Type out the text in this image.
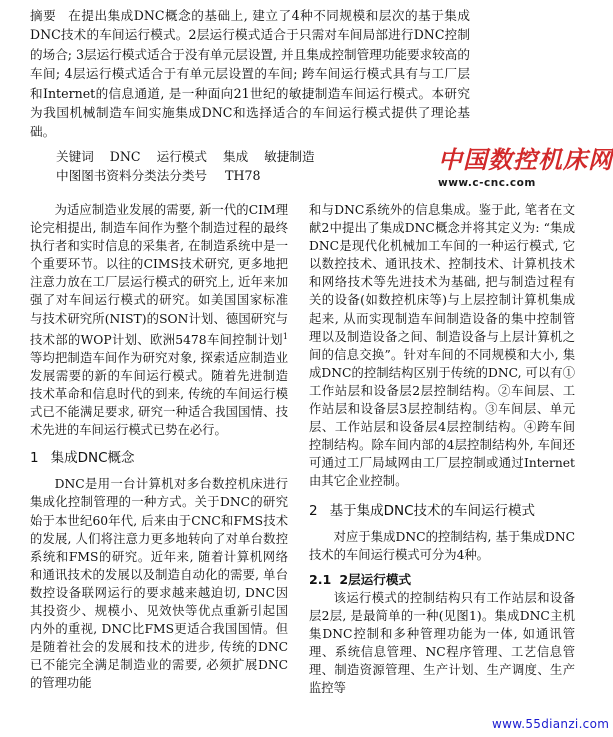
摘要 在提出集成DNC概念的基础上, 建立了4种不同规模和层次的基于集成DNC技术的车间运行模式。2层运行模式适合于只需对车间局部进行DNC控制的场合; 3层运行模式适合于没有单元层设置, 并且集成控制管理功能要求较高的车间; 4层运行模式适合于有单元层设置的车间; 跨车间运行模式具有与工厂层和Internet的信息通道, 是一种面向21世纪的敏捷制造车间运行模式。本研究为我国机械制造车间实施集成DNC和选择适合的车间运行模式提供了理论基础。
关键词 DNC 运行模式 集成 敏捷制造
中图图书资料分类法分类号 TH78
中国数控机床网
www.c-cnc.com

为适应制造业发展的需要, 新一代的CIM理论完相提出, 制造车间作为整个制造过程的最终执行者和实时信息的采集者, 在制造系统中是一个重要环节。以往的CIMS技术研究, 更多地把注意力放在工厂层运行模式的研究上, 近年来加强了对车间运行模式的研究。如美国国家标准与技术研究所(NIST)的SON计划、德国研究与技术部的WOP计划、欧洲5478车间控制计划$^1$等均把制造车间作为研究对象, 探索适应制造业发展需要的新的车间运行模式。随着先进制造技术革命和信息时代的到来, 传统的车间运行模式已不能满足要求, 研究一种适合我国国情、技术先进的车间运行模式已势在必行。

1 集成DNC概念

DNC是用一台计算机对多台数控机床进行集成化控制管理的一种方式。关于DNC的研究始于本世纪60年代, 后来由于CNC和FMS技术的发展, 人们将注意力更多地转向了对单台数控系统和FMS的研究。近年来, 随着计算机网络和通讯技术的发展以及制造自动化的需要, 单台数控设备联网运行的要求越来越迫切, DNC因其投资少、规模小、见效快等优点重新引起国内外的重视, DNC比FMS更适合我国国情。但是随着社会的发展和技术的进步, 传统的DNC已不能完全满足制造业的需要, 必须扩展DNC的管理功能

和与DNC系统外的信息集成。鉴于此, 笔者在文献2中提出了集成DNC概念并将其定义为: “集成DNC是现代化机械加工车间的一种运行模式, 它以数控技术、通讯技术、控制技术、计算机技术和网络技术等先进技术为基础, 把与制造过程有关的设备(如数控机床等)与上层控制计算机集成起来, 从而实现制造车间制造设备的集中控制管理以及制造设备之间、制造设备与上层计算机之间的信息交换”。针对车间的不同规模和大小, 集成DNC的控制结构区别于传统的DNC, 可以有①工作站层和设备层2层控制结构。②车间层、工作站层和设备层3层控制结构。③车间层、单元层、工作站层和设备层4层控制结构。④跨车间控制结构。除车间内部的4层控制结构外, 车间还可通过工厂局域网由工厂层控制或通过Internet由其它企业控制。

2 基于集成DNC技术的车间运行模式

对应于集成DNC的控制结构, 基于集成DNC技术的车间运行模式可分为4种。

2.1 2层运行模式

该运行模式的控制结构只有工作站层和设备层2层, 是最简单的一种(见图1)。集成DNC主机集DNC控制和多种管理功能为一体, 如通讯管理、系统信息管理、NC程序管理、工艺信息管理、制造资源管理、生产计划、生产调度、生产监控等

www.55dianzi.com
